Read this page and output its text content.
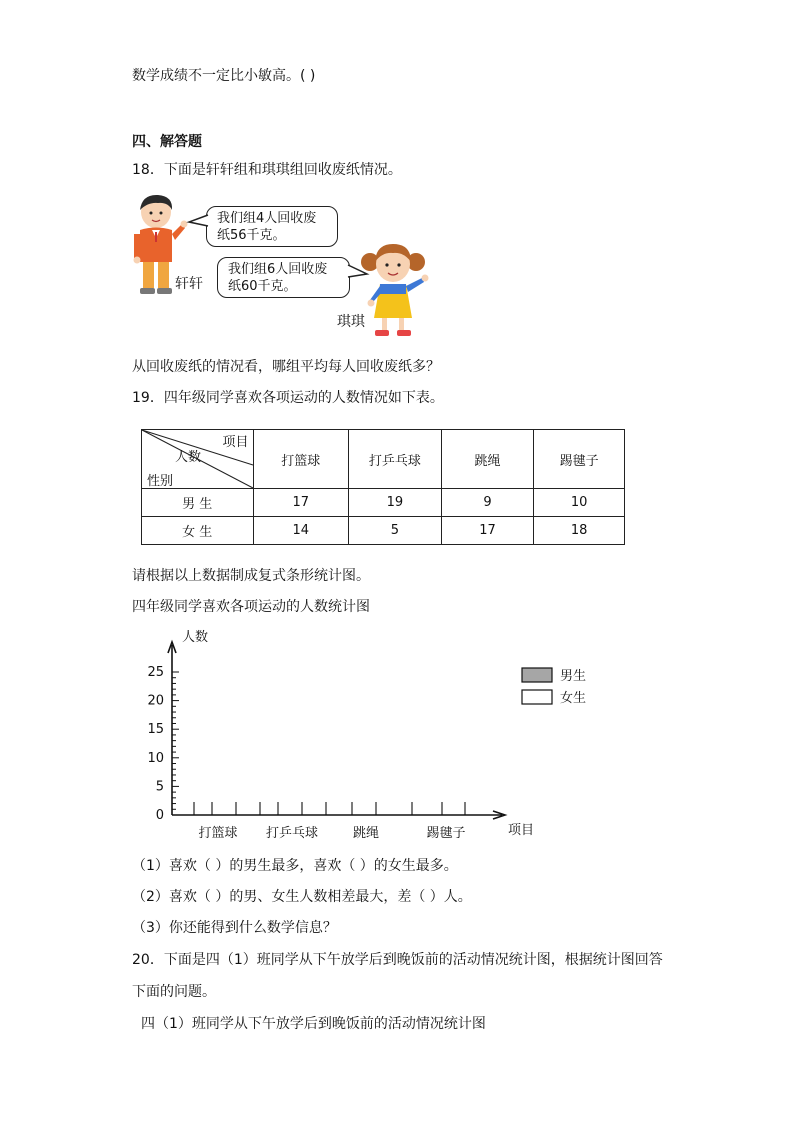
数学成绩不一定比小敏高。( )
四、解答题
18．下面是轩轩组和琪琪组回收废纸情况。
轩轩
我们组4人回收废
纸56千克。
我们组6人回收废
纸60千克。
琪琪
从回收废纸的情况看，哪组平均每人回收废纸多？
19．四年级同学喜欢各项运动的人数情况如下表。
项目
人数
性别	打篮球	打乒乓球	跳绳	踢毽子
男 生	17	19	9	10
女 生	14	5	17	18
请根据以上数据制成复式条形统计图。
四年级同学喜欢各项运动的人数统计图
人数
项目
0
5
10
15
20
25	男生
女生
打篮球 打乒乓球	跳绳	踢毽子
（1）喜欢（ ）的男生最多，喜欢（ ）的女生最多。
（2）喜欢（ ）的男、女生人数相差最大，差（ ）人。
（3）你还能得到什么数学信息？
20．下面是四（1）班同学从下午放学后到晚饭前的活动情况统计图，根据统计图回答
下面的问题。
四（1）班同学从下午放学后到晚饭前的活动情况统计图
